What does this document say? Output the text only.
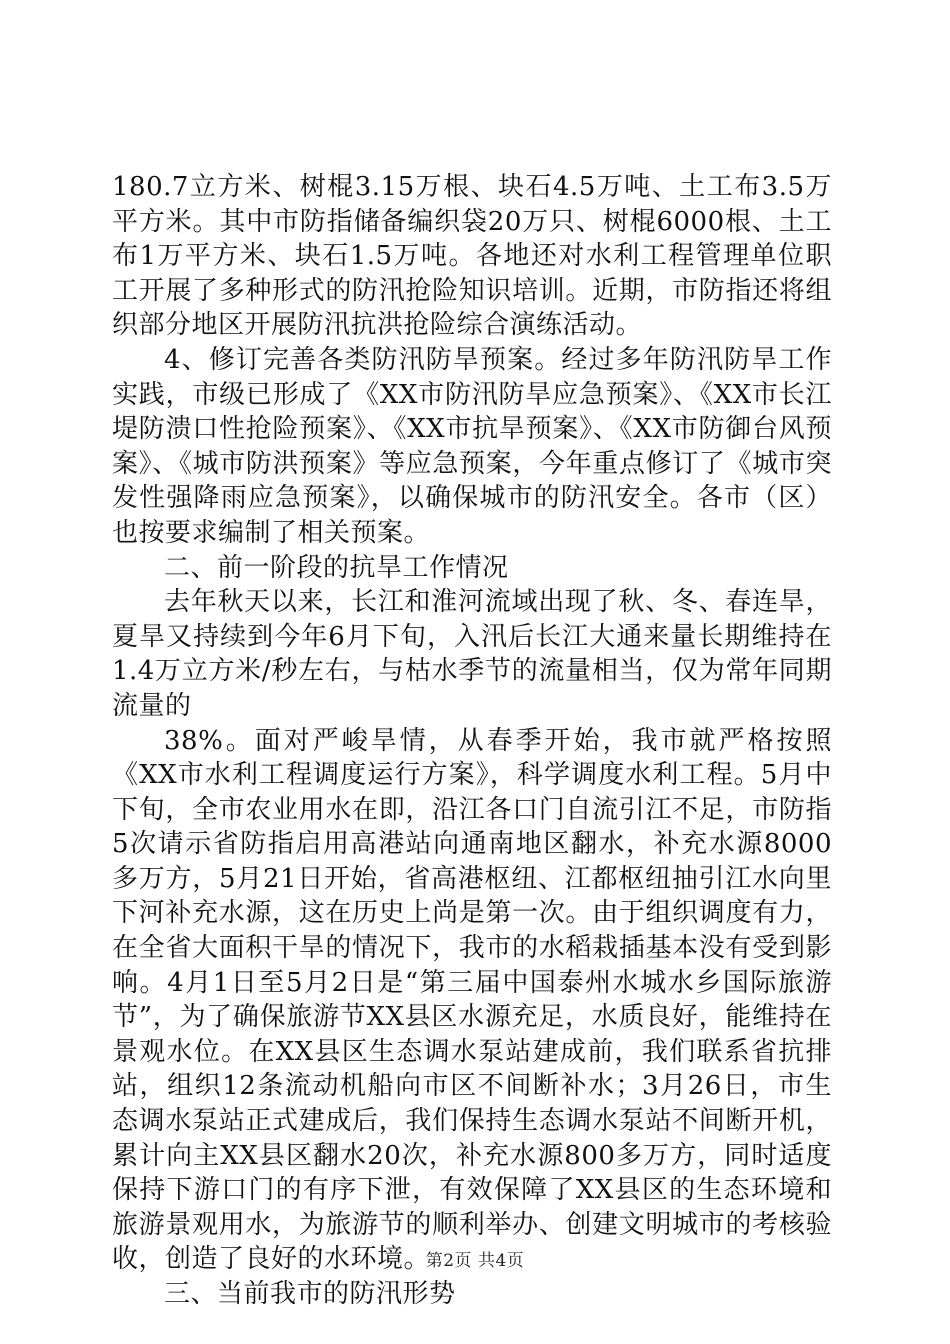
180.7立方米、树棍3.15万根、块石4.5万吨、土工布3.5万平方米。其中市防指储备编织袋20万只、树棍6000根、土工布1万平方米、块石1.5万吨。各地还对水利工程管理单位职工开展了多种形式的防汛抢险知识培训。近期，市防指还将组织部分地区开展防汛抗洪抢险综合演练活动。

4、修订完善各类防汛防旱预案。经过多年防汛防旱工作实践，市级已形成了《XX市防汛防旱应急预案》、《XX市长江堤防溃口性抢险预案》、《XX市抗旱预案》、《XX市防御台风预案》、《城市防洪预案》等应急预案，今年重点修订了《城市突发性强降雨应急预案》，以确保城市的防汛安全。各市（区）也按要求编制了相关预案。

二、前一阶段的抗旱工作情况

去年秋天以来，长江和淮河流域出现了秋、冬、春连旱，夏旱又持续到今年6月下旬，入汛后长江大通来量长期维持在1.4万立方米/秒左右，与枯水季节的流量相当，仅为常年同期流量的

38%。面对严峻旱情，从春季开始，我市就严格按照《XX市水利工程调度运行方案》，科学调度水利工程。5月中下旬，全市农业用水在即，沿江各口门自流引江不足，市防指5次请示省防指启用高港站向通南地区翻水，补充水源8000多万方，5月21日开始，省高港枢纽、江都枢纽抽引江水向里下河补充水源，这在历史上尚是第一次。由于组织调度有力，在全省大面积干旱的情况下，我市的水稻栽插基本没有受到影响。4月1日至5月2日是“第三届中国泰州水城水乡国际旅游节”，为了确保旅游节XX县区水源充足，水质良好，能维持在景观水位。在XX县区生态调水泵站建成前，我们联系省抗排站，组织12条流动机船向市区不间断补水；3月26日，市生态调水泵站正式建成后，我们保持生态调水泵站不间断开机，累计向主XX县区翻水20次，补充水源800多万方，同时适度保持下游口门的有序下泄，有效保障了XX县区的生态环境和旅游景观用水，为旅游节的顺利举办、创建文明城市的考核验收，创造了良好的水环境。

三、当前我市的防汛形势

第2页 共4页
